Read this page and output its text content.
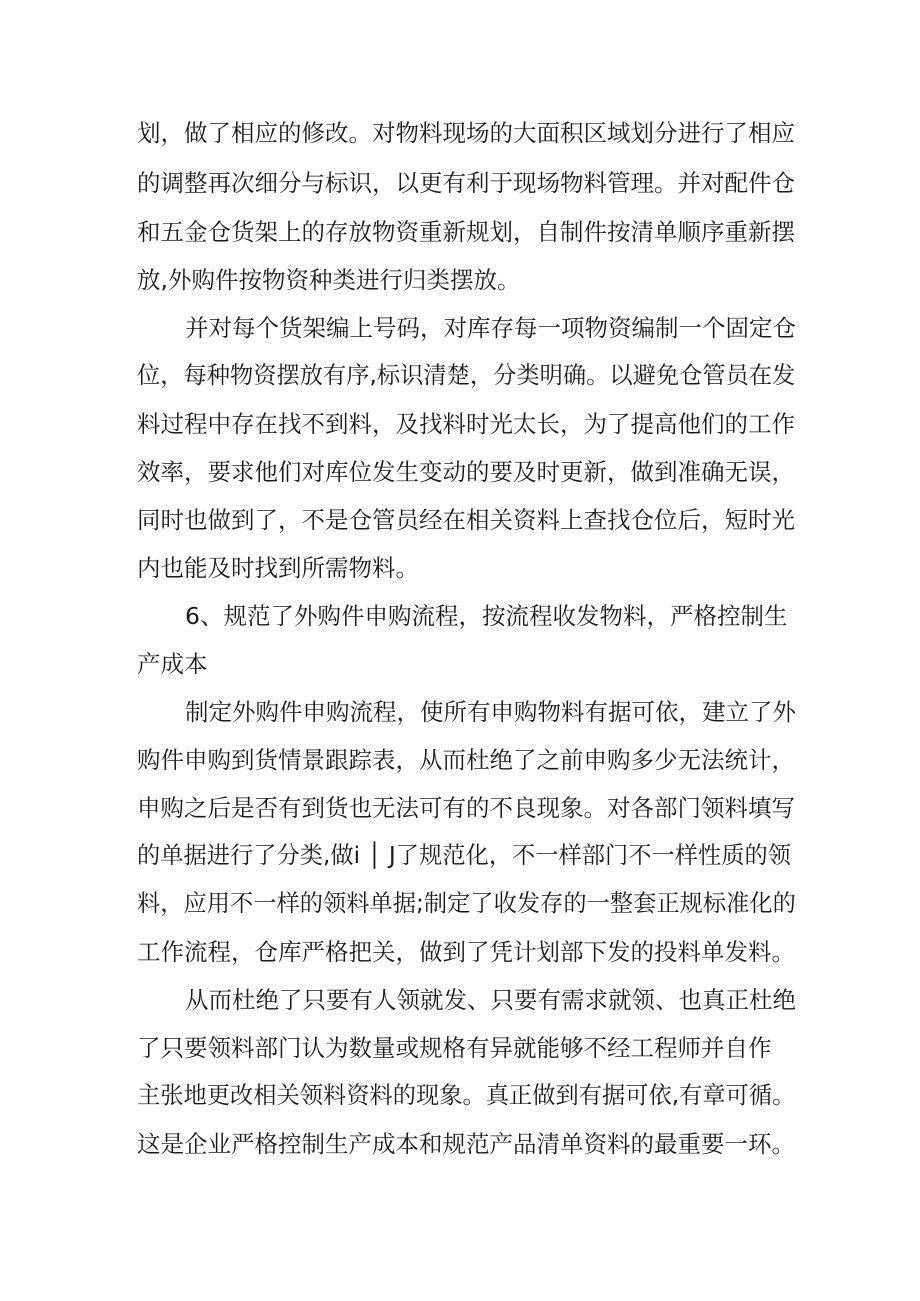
划，做了相应的修改。对物料现场的大面积区域划分进行了相应
的调整再次细分与标识，以更有利于现场物料管理。并对配件仓
和五金仓货架上的存放物资重新规划，自制件按清单顺序重新摆
放,外购件按物资种类进行归类摆放。
并对每个货架编上号码，对库存每一项物资编制一个固定仓
位，每种物资摆放有序,标识清楚，分类明确。以避免仓管员在发
料过程中存在找不到料，及找料时光太长，为了提高他们的工作
效率，要求他们对库位发生变动的要及时更新，做到准确无误，
同时也做到了，不是仓管员经在相关资料上查找仓位后，短时光
内也能及时找到所需物料。
6、规范了外购件申购流程，按流程收发物料，严格控制生
产成本
制定外购件申购流程，使所有申购物料有据可依，建立了外
购件申购到货情景跟踪表，从而杜绝了之前申购多少无法统计，
申购之后是否有到货也无法可有的不良现象。对各部门领料填写
的单据进行了分类,做i │ J了规范化，不一样部门不一样性质的领
料，应用不一样的领料单据;制定了收发存的一整套正规标准化的
工作流程，仓库严格把关，做到了凭计划部下发的投料单发料。
从而杜绝了只要有人领就发、只要有需求就领、也真正杜绝
了只要领料部门认为数量或规格有异就能够不经工程师并自作
主张地更改相关领料资料的现象。真正做到有据可依,有章可循。
这是企业严格控制生产成本和规范产品清单资料的最重要一环。
